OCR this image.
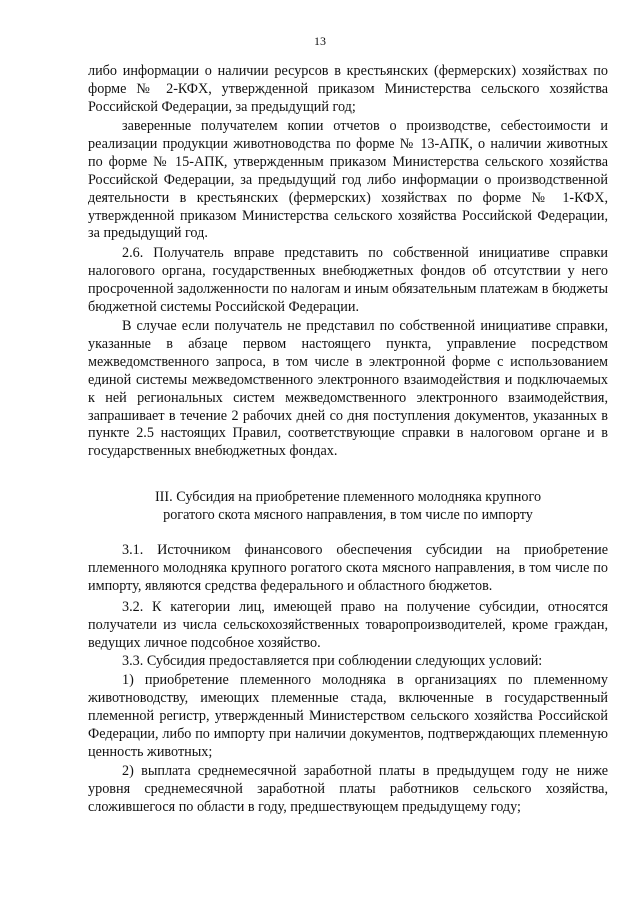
13

либо информации о наличии ресурсов в крестьянских (фермерских) хозяйствах по форме № 2-КФХ, утвержденной приказом Министерства сельского хозяйства Российской Федерации, за предыдущий год;

заверенные получателем копии отчетов о производстве, себестоимости и реализации продукции животноводства по форме № 13-АПК, о наличии животных по форме № 15-АПК, утвержденным приказом Министерства сельского хозяйства Российской Федерации, за предыдущий год либо информации о производственной деятельности в крестьянских (фермерских) хозяйствах по форме № 1-КФХ, утвержденной приказом Министерства сельского хозяйства Российской Федерации, за предыдущий год.

2.6. Получатель вправе представить по собственной инициативе справки налогового органа, государственных внебюджетных фондов об отсутствии у него просроченной задолженности по налогам и иным обязательным платежам в бюджеты бюджетной системы Российской Федерации.

В случае если получатель не представил по собственной инициативе справки, указанные в абзаце первом настоящего пункта, управление посредством межведомственного запроса, в том числе в электронной форме с использованием единой системы межведомственного электронного взаимодействия и подключаемых к ней региональных систем межведомственного электронного взаимодействия, запрашивает в течение 2 рабочих дней со дня поступления документов, указанных в пункте 2.5 настоящих Правил, соответствующие справки в налоговом органе и в государственных внебюджетных фондах.

III. Субсидия на приобретение племенного молодняка крупного
рогатого скота мясного направления, в том числе по импорту

3.1. Источником финансового обеспечения субсидии на приобретение племенного молодняка крупного рогатого скота мясного направления, в том числе по импорту, являются средства федерального и областного бюджетов.

3.2. К категории лиц, имеющей право на получение субсидии, относятся получатели из числа сельскохозяйственных товаропроизводителей, кроме граждан, ведущих личное подсобное хозяйство.

3.3. Субсидия предоставляется при соблюдении следующих условий:

1) приобретение племенного молодняка в организациях по племенному животноводству, имеющих племенные стада, включенные в государственный племенной регистр, утвержденный Министерством сельского хозяйства Российской Федерации, либо по импорту при наличии документов, подтверждающих племенную ценность животных;

2) выплата среднемесячной заработной платы в предыдущем году не ниже уровня среднемесячной заработной платы работников сельского хозяйства, сложившегося по области в году, предшествующем предыдущему году;
